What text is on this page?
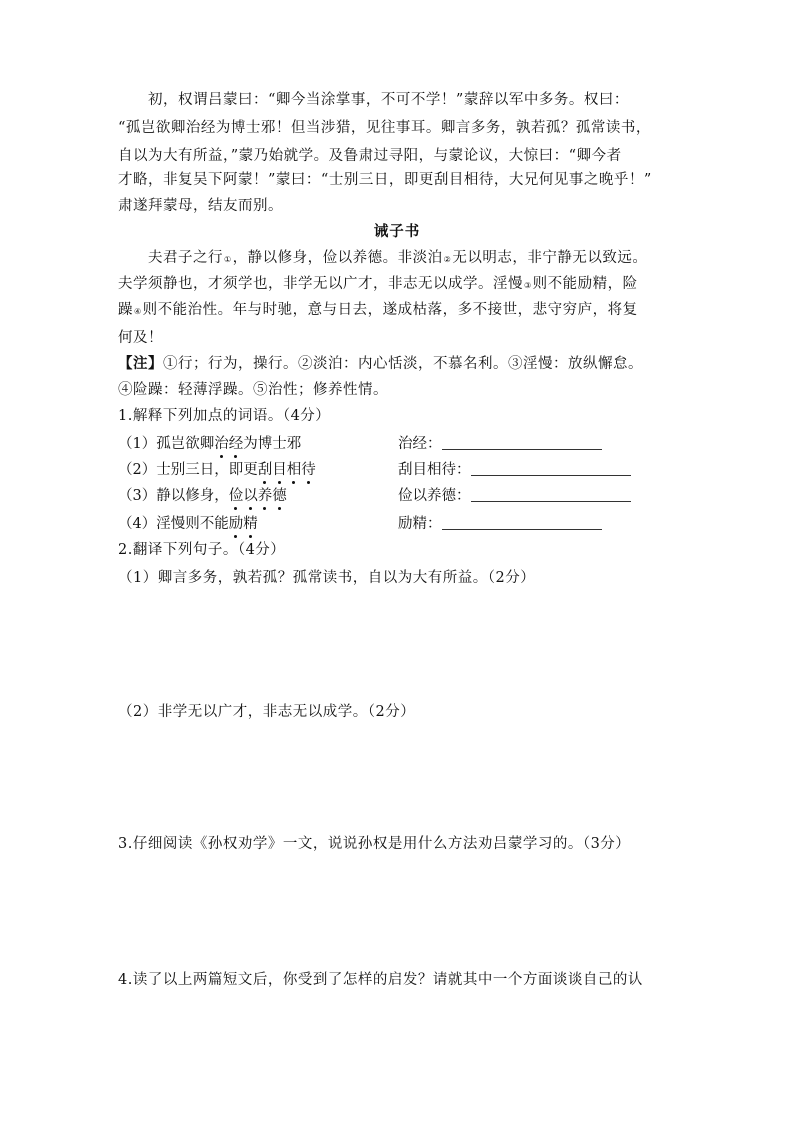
初，权谓吕蒙曰：“卿今当涂掌事，不可不学！”蒙辞以军中多务。权曰：
“孤岂欲卿治经为博士邪！但当涉猎，见往事耳。卿言多务，孰若孤？孤常读书，
自以为大有所益，”蒙乃始就学。及鲁肃过寻阳，与蒙论议，大惊曰：“卿今者
才略，非复吴下阿蒙！”蒙曰：“士别三日，即更刮目相待，大兄何见事之晚乎！”
肃遂拜蒙母，结友而别。
诫子书
夫君子之行①，静以修身，俭以养德。非淡泊②无以明志，非宁静无以致远。
夫学须静也，才须学也，非学无以广才，非志无以成学。淫慢③则不能励精，险
躁④则不能治性。年与时驰，意与日去，遂成枯落，多不接世，悲守穷庐，将复
何及！
【注】①行；行为，操行。②淡泊：内心恬淡，不慕名利。③淫慢：放纵懈怠。
④险躁：轻薄浮躁。⑤治性；修养性情。
1.解释下列加点的词语。（4分）
（1）孤岂欲卿治经为博士邪	治经：
（2）士别三日，即更刮目相待	刮目相待：
（3）静以修身，俭以养德	俭以养德：
（4）淫慢则不能励精	励精：
2.翻译下列句子。（4分）
（1）卿言多务，孰若孤？孤常读书，自以为大有所益。（2分）
（2）非学无以广才，非志无以成学。（2分）
3.仔细阅读《孙权劝学》一文，说说孙权是用什么方法劝吕蒙学习的。（3分）
4.读了以上两篇短文后，你受到了怎样的启发？请就其中一个方面谈谈自己的认
